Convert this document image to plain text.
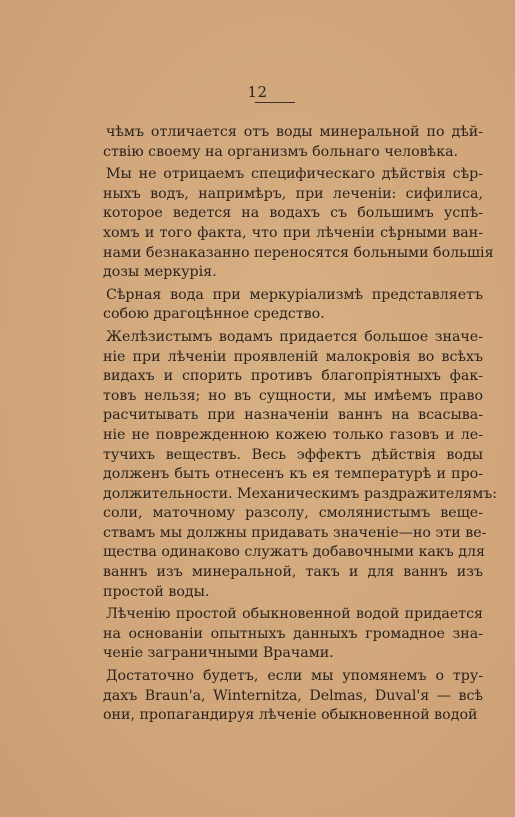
12
чѣмъ отличается отъ воды минеральной по дѣй-
ствію своему на организмъ больнаго человѣка.
Мы не отрицаемъ специфическаго дѣйствія сѣр-
ныхъ водъ, напримѣръ, при леченіи: сифилиса,
которое ведется на водахъ съ большимъ успѣ-
хомъ и того факта, что при лѣченіи сѣрными ван-
нами безнаказанно переносятся больными большія
дозы меркурія.
Сѣрная вода при меркуріализмѣ представляетъ
собою драгоцѣнное средство.
Желѣзистымъ водамъ придается большое значе-
ніе при лѣченіи проявленій малокровія во всѣхъ
видахъ и спорить противъ благопріятныхъ фак-
товъ нельзя; но въ сущности, мы имѣемъ право
расчитывать при назначеніи ваннъ на всасыва-
ніе не поврежденною кожею только газовъ и ле-
тучихъ веществъ. Весь эффектъ дѣйствія воды
долженъ быть отнесенъ къ ея температурѣ и про-
должительности. Механическимъ раздражителямъ:
соли, маточному разсолу, смолянистымъ веще-
ствамъ мы должны придавать значеніе—но эти ве-
щества одинаково служатъ добавочными какъ для
ваннъ изъ минеральной, такъ и для ваннъ изъ
простой воды.
Лѣченію простой обыкновенной водой придается
на основаніи опытныхъ данныхъ громадное зна-
ченіе заграничными Врачами.
Достаточно будетъ, если мы упомянемъ о тру-
дахъ Braun'a, Winternitza, Delmas, Duval'я — всѣ
они, пропагандируя лѣченіе обыкновенной водой
